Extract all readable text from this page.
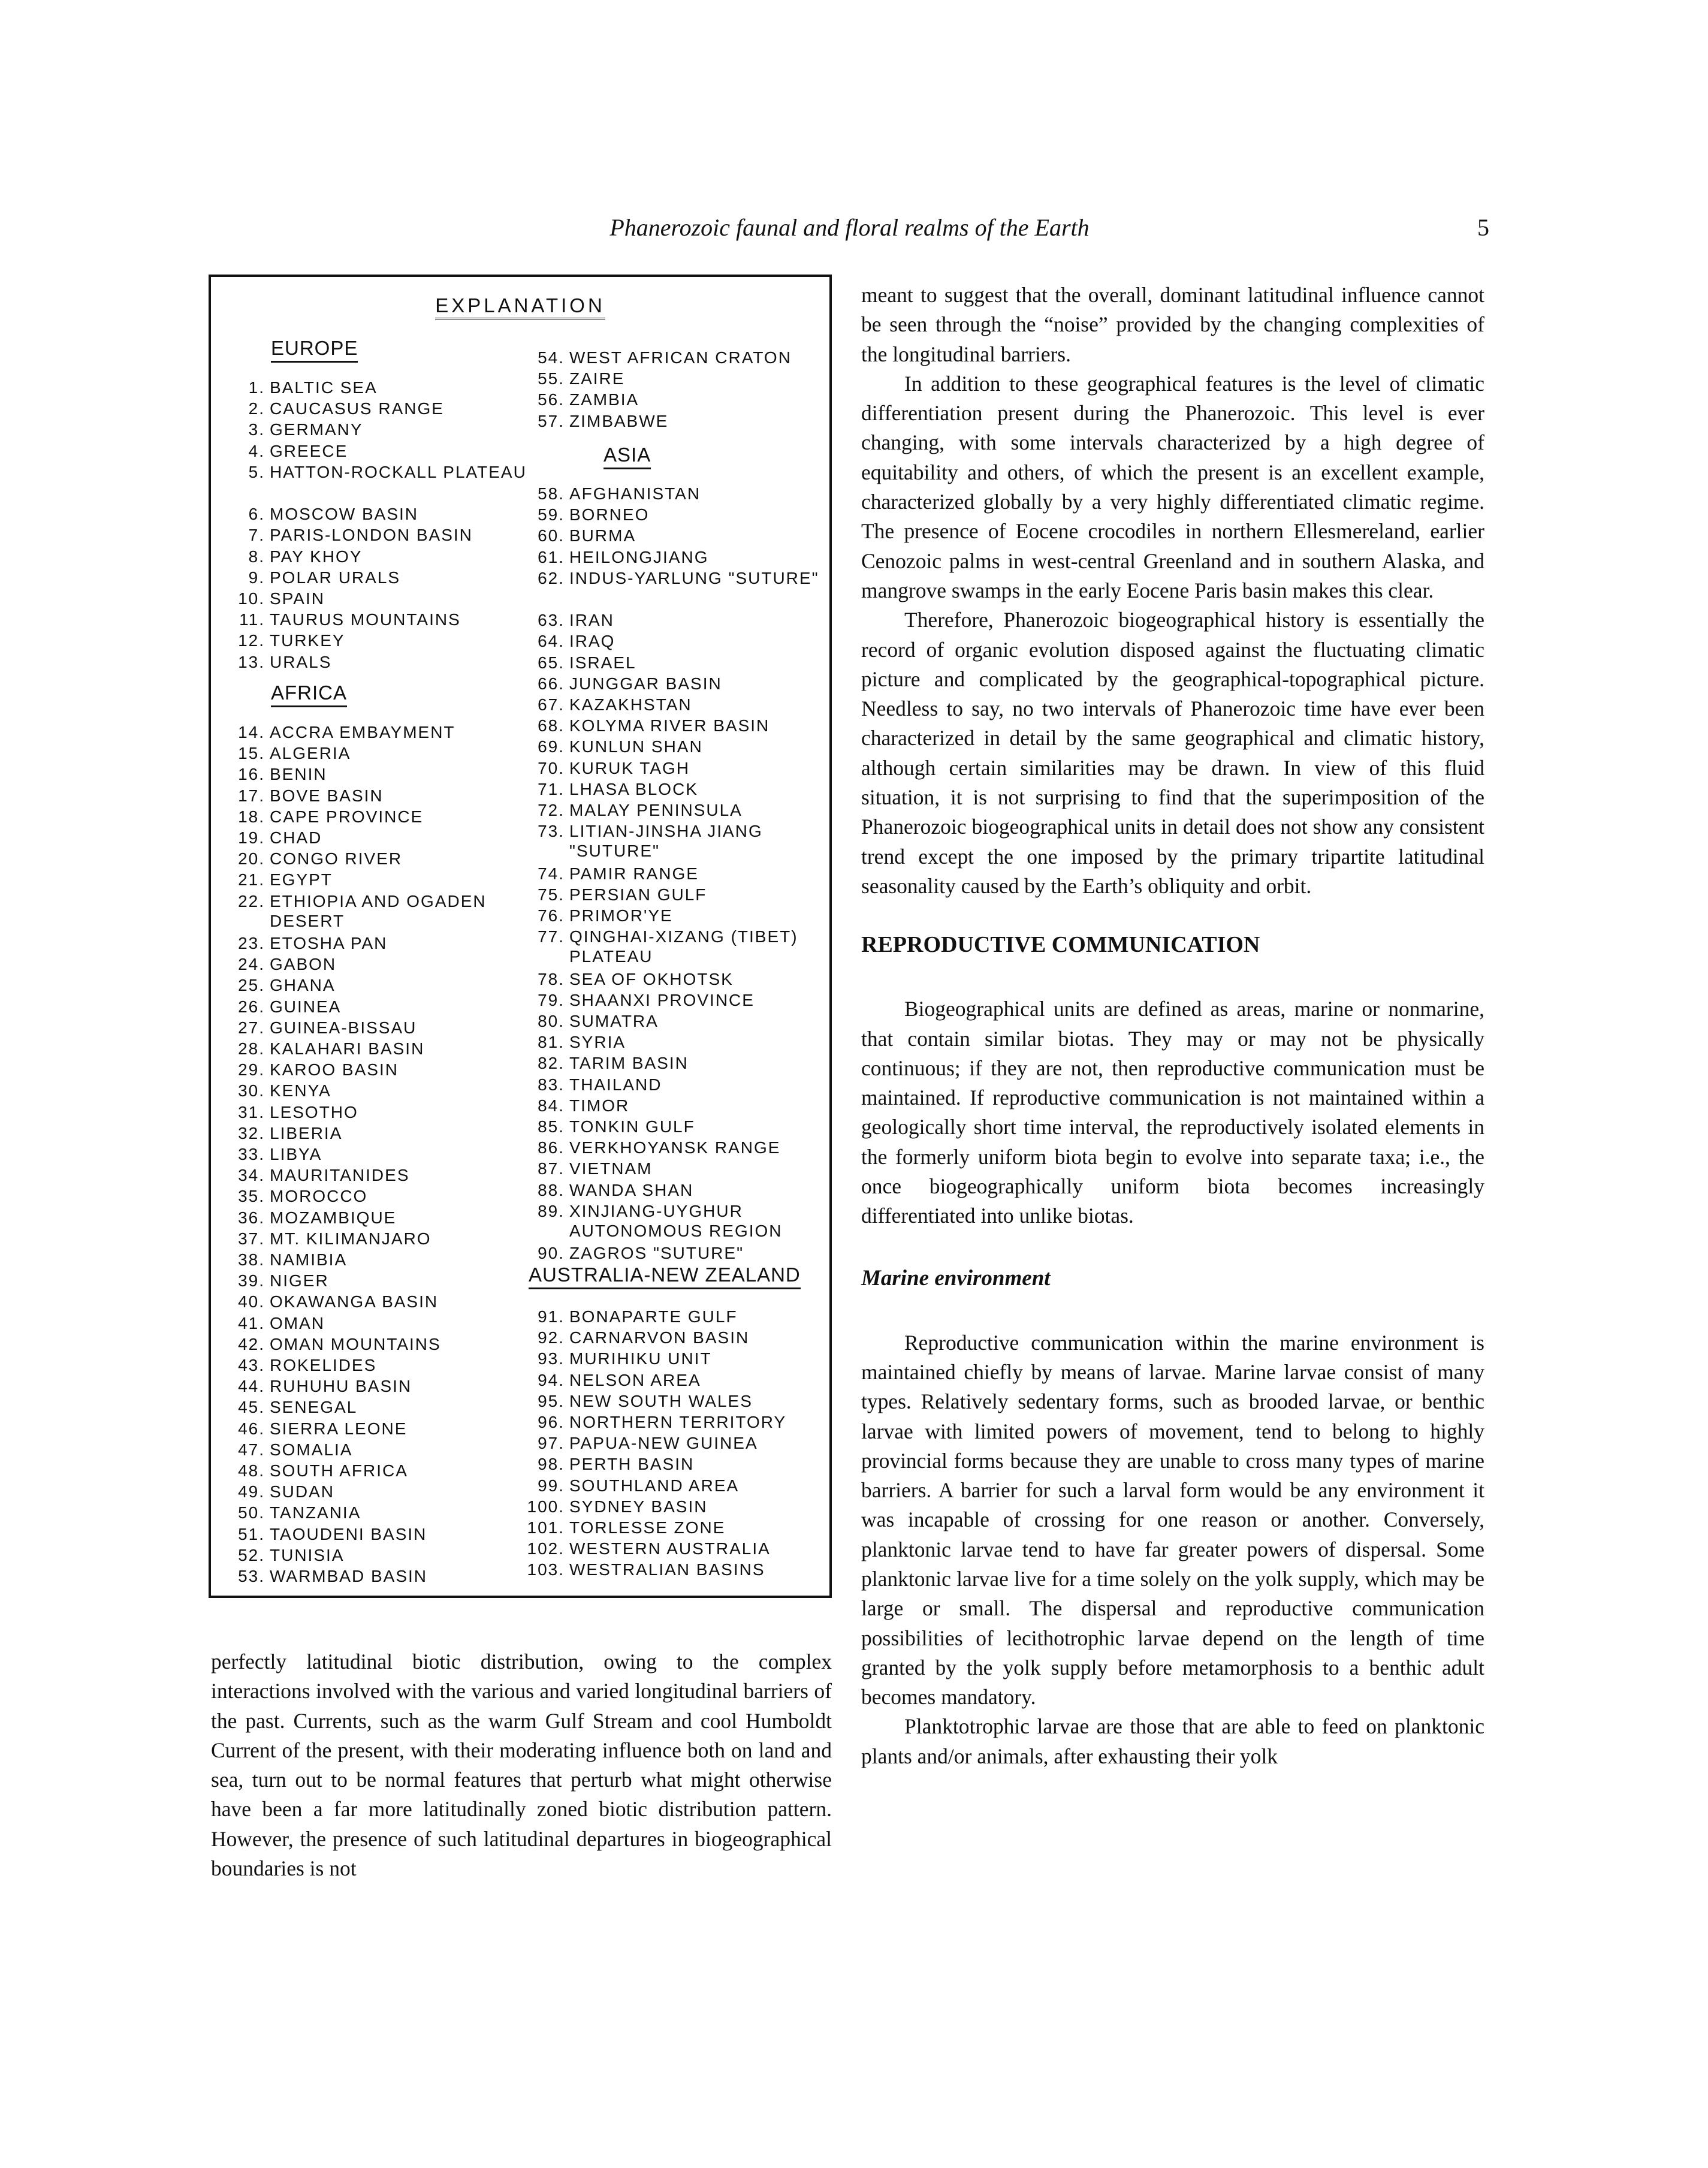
Phanerozoic faunal and floral realms of the Earth	5
EXPLANATION
EUROPE
1. BALTIC SEA
2. CAUCASUS RANGE
3. GERMANY
4. GREECE
5. HATTON-ROCKALL PLATEAU
6. MOSCOW BASIN
7. PARIS-LONDON BASIN
8. PAY KHOY
9. POLAR URALS
10. SPAIN
11. TAURUS MOUNTAINS
12. TURKEY
13. URALS
AFRICA
14. ACCRA EMBAYMENT
15. ALGERIA
16. BENIN
17. BOVE BASIN
18. CAPE PROVINCE
19. CHAD
20. CONGO RIVER
21. EGYPT
22. ETHIOPIA AND OGADEN DESERT
23. ETOSHA PAN
24. GABON
25. GHANA
26. GUINEA
27. GUINEA-BISSAU
28. KALAHARI BASIN
29. KAROO BASIN
30. KENYA
31. LESOTHO
32. LIBERIA
33. LIBYA
34. MAURITANIDES
35. MOROCCO
36. MOZAMBIQUE
37. MT. KILIMANJARO
38. NAMIBIA
39. NIGER
40. OKAWANGA BASIN
41. OMAN
42. OMAN MOUNTAINS
43. ROKELIDES
44. RUHUHU BASIN
45. SENEGAL
46. SIERRA LEONE
47. SOMALIA
48. SOUTH AFRICA
49. SUDAN
50. TANZANIA
51. TAOUDENI BASIN
52. TUNISIA
53. WARMBAD BASIN
54. WEST AFRICAN CRATON
55. ZAIRE
56. ZAMBIA
57. ZIMBABWE
ASIA
58. AFGHANISTAN
59. BORNEO
60. BURMA
61. HEILONGJIANG
62. INDUS-YARLUNG "SUTURE"
63. IRAN
64. IRAQ
65. ISRAEL
66. JUNGGAR BASIN
67. KAZAKHSTAN
68. KOLYMA RIVER BASIN
69. KUNLUN SHAN
70. KURUK TAGH
71. LHASA BLOCK
72. MALAY PENINSULA
73. LITIAN-JINSHA JIANG "SUTURE"
74. PAMIR RANGE
75. PERSIAN GULF
76. PRIMOR'YE
77. QINGHAI-XIZANG (TIBET) PLATEAU
78. SEA OF OKHOTSK
79. SHAANXI PROVINCE
80. SUMATRA
81. SYRIA
82. TARIM BASIN
83. THAILAND
84. TIMOR
85. TONKIN GULF
86. VERKHOYANSK RANGE
87. VIETNAM
88. WANDA SHAN
89. XINJIANG-UYGHUR AUTONOMOUS REGION
90. ZAGROS "SUTURE"
AUSTRALIA-NEW ZEALAND
91. BONAPARTE GULF
92. CARNARVON BASIN
93. MURIHIKU UNIT
94. NELSON AREA
95. NEW SOUTH WALES
96. NORTHERN TERRITORY
97. PAPUA-NEW GUINEA
98. PERTH BASIN
99. SOUTHLAND AREA
100. SYDNEY BASIN
101. TORLESSE ZONE
102. WESTERN AUSTRALIA
103. WESTRALIAN BASINS

perfectly latitudinal biotic distribution, owing to the complex interactions involved with the various and varied longitudinal barriers of the past. Currents, such as the warm Gulf Stream and cool Humboldt Current of the present, with their moderating influence both on land and sea, turn out to be normal features that perturb what might otherwise have been a far more latitudinally zoned biotic distribution pattern. However, the presence of such latitudinal departures in biogeographical boundaries is not

meant to suggest that the overall, dominant latitudinal influence cannot be seen through the “noise” provided by the changing complexities of the longitudinal barriers.

In addition to these geographical features is the level of climatic differentiation present during the Phanerozoic. This level is ever changing, with some intervals characterized by a high degree of equitability and others, of which the present is an excellent example, characterized globally by a very highly differentiated climatic regime. The presence of Eocene crocodiles in northern Ellesmereland, earlier Cenozoic palms in west-central Greenland and in southern Alaska, and mangrove swamps in the early Eocene Paris basin makes this clear.

Therefore, Phanerozoic biogeographical history is essentially the record of organic evolution disposed against the fluctuating climatic picture and complicated by the geographical-topographical picture. Needless to say, no two intervals of Phanerozoic time have ever been characterized in detail by the same geographical and climatic history, although certain similarities may be drawn. In view of this fluid situation, it is not surprising to find that the superimposition of the Phanerozoic biogeographical units in detail does not show any consistent trend except the one imposed by the primary tripartite latitudinal seasonality caused by the Earth’s obliquity and orbit.

REPRODUCTIVE COMMUNICATION

Biogeographical units are defined as areas, marine or nonmarine, that contain similar biotas. They may or may not be physically continuous; if they are not, then reproductive communication must be maintained. If reproductive communication is not maintained within a geologically short time interval, the reproductively isolated elements in the formerly uniform biota begin to evolve into separate taxa; i.e., the once biogeographically uniform biota becomes increasingly differentiated into unlike biotas.

Marine environment

Reproductive communication within the marine environment is maintained chiefly by means of larvae. Marine larvae consist of many types. Relatively sedentary forms, such as brooded larvae, or benthic larvae with limited powers of movement, tend to belong to highly provincial forms because they are unable to cross many types of marine barriers. A barrier for such a larval form would be any environment it was incapable of crossing for one reason or another. Conversely, planktonic larvae tend to have far greater powers of dispersal. Some planktonic larvae live for a time solely on the yolk supply, which may be large or small. The dispersal and reproductive communication possibilities of lecithotrophic larvae depend on the length of time granted by the yolk supply before metamorphosis to a benthic adult becomes mandatory.

Planktotrophic larvae are those that are able to feed on planktonic plants and/or animals, after exhausting their yolk
